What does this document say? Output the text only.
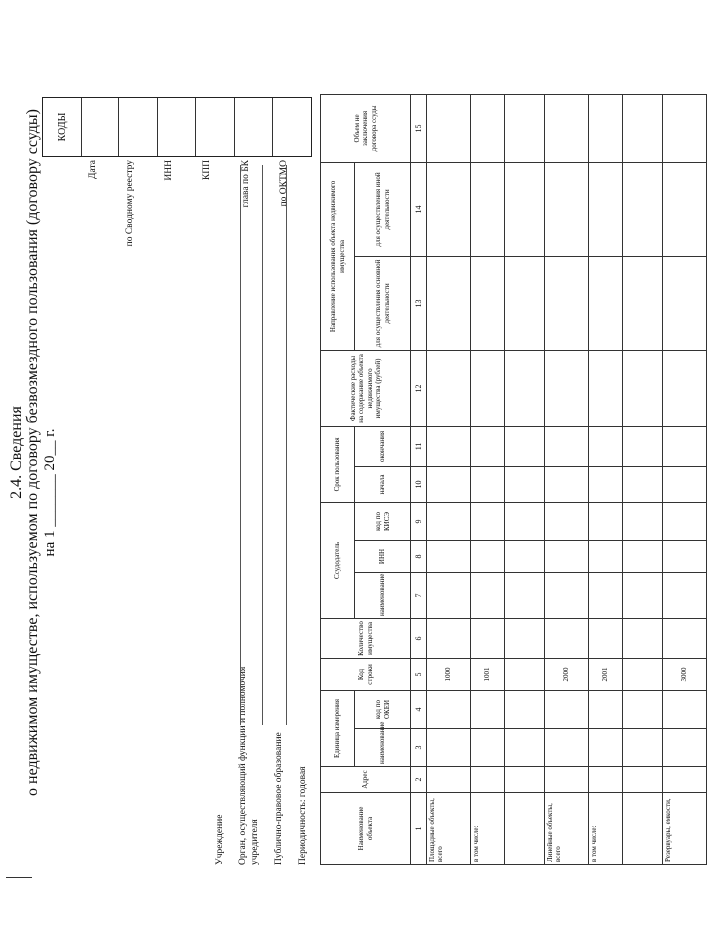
2.4. Сведения о недвижимом имуществе, используемом по договору безвозмездного пользования (договору ссуды) на 1 _______ 20__ г.
КОДЫ
Дата	по Сводному реестру	ИНН	КПП	глава по БК	по ОКТМО
Учреждение Орган, осуществляющий функции и полномочия учредителя Публично-правовое образование Периодичность: годовая	Наименование объекта	Адрес	Единица измерения		Код строки	Количество имущества	Ссудодатель			Срок пользования		Фактические расходы на содержание объекта недвижимого имущества (рублей)	Направление использования объекта недвижимого имущества		Объем не заключения договора ссуды
		наименование	код по ОКЕИ			наименование	ИНН	код по КИСЭ	начала	окончания		для осуществления основной деятельности	для осуществления иной деятельности	
1	2	3	4	5	6	7	8	9	10	11	12	13	14	15
Площадные объекты, всего				1000										
в том числе:				1001										

Линейные объекты, всего				2000										
в том числе:				2001										

Резервуары, емкости,				3000										
